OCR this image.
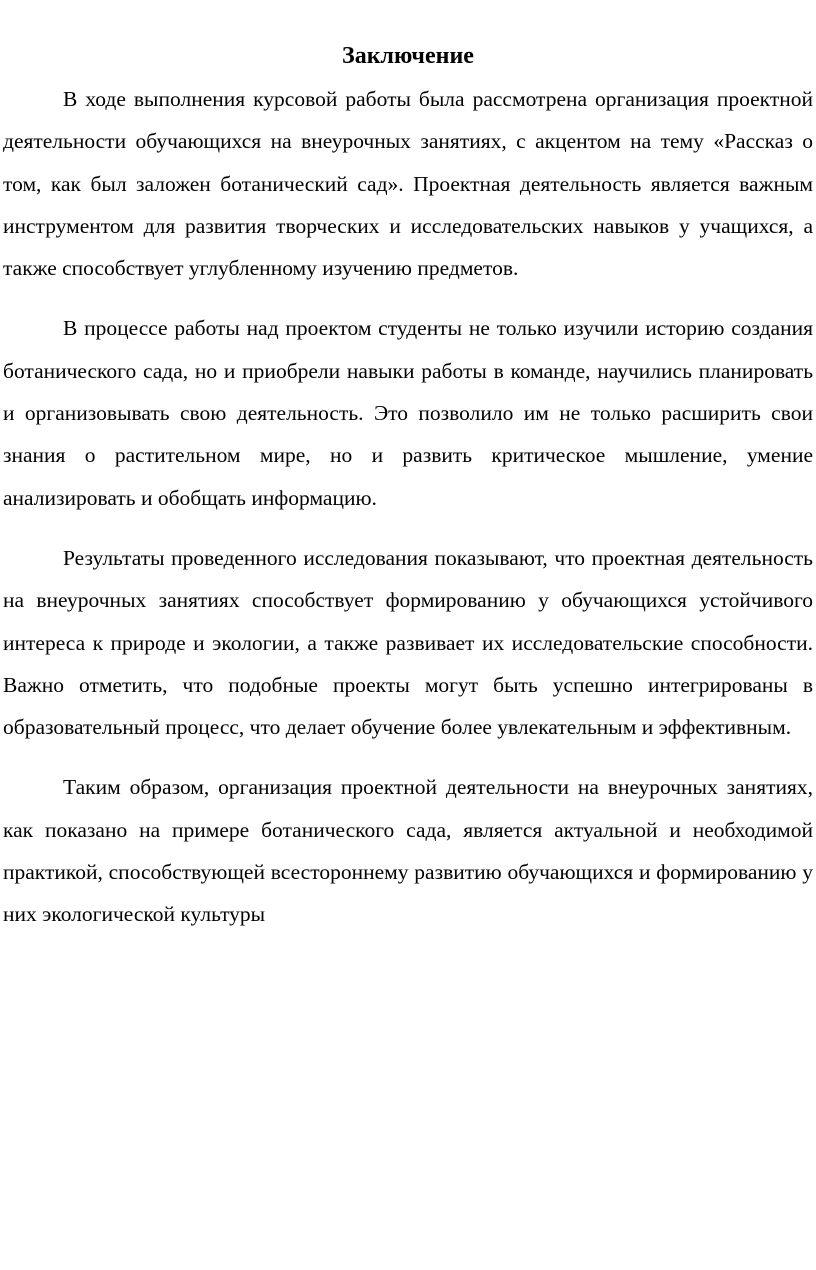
Заключение

В ходе выполнения курсовой работы была рассмотрена организация проектной деятельности обучающихся на внеурочных занятиях, с акцентом на тему «Рассказ о том, как был заложен ботанический сад». Проектная деятельность является важным инструментом для развития творческих и исследовательских навыков у учащихся, а также способствует углубленному изучению предметов.

В процессе работы над проектом студенты не только изучили историю создания ботанического сада, но и приобрели навыки работы в команде, научились планировать и организовывать свою деятельность. Это позволило им не только расширить свои знания о растительном мире, но и развить критическое мышление, умение анализировать и обобщать информацию.

Результаты проведенного исследования показывают, что проектная деятельность на внеурочных занятиях способствует формированию у обучающихся устойчивого интереса к природе и экологии, а также развивает их исследовательские способности. Важно отметить, что подобные проекты могут быть успешно интегрированы в образовательный процесс, что делает обучение более увлекательным и эффективным.

Таким образом, организация проектной деятельности на внеурочных занятиях, как показано на примере ботанического сада, является актуальной и необходимой практикой, способствующей всестороннему развитию обучающихся и формированию у них экологической культуры
